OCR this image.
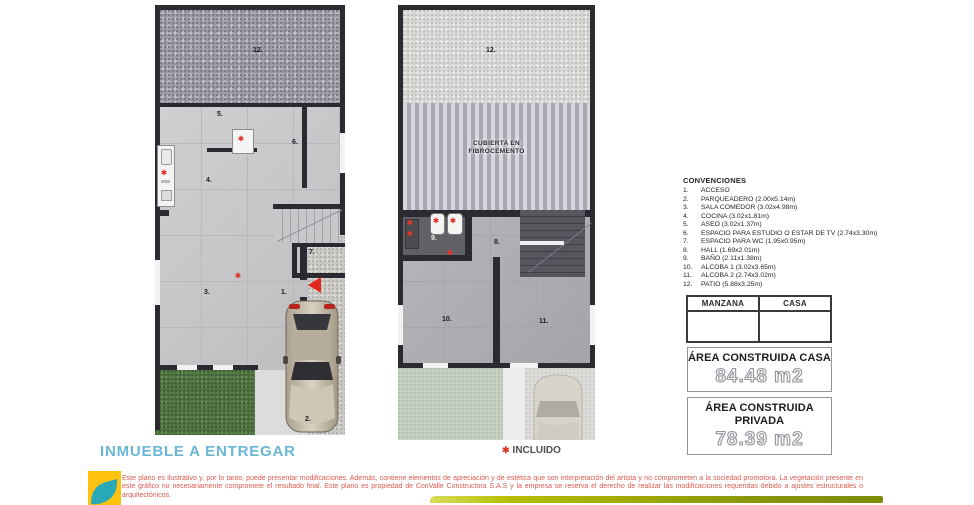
✱
✱
✱
12.
5.
6.
4.
3.
7.
1.
2.
CUBIERTA EN
FIBROCEMENTO
✱
✱
✱ ✱
✱
12.
9.
8.
10.	11.
CONVENCIONES
1.	ACCESO
2.	PARQUEADERO (2.00x5.14m)
3.	SALA COMEDOR (3.02x4.98m)
4.	COCINA (3.02x1.81m)
5.	ASEO (3.02x1.37m)
6.	ESPACIO PARA ESTUDIO O ESTAR DE TV (2.74x3.30m)
7.	ESPACIO PARA WC (1.95x0.95m)
8.	HALL (1.69x2.01m)
9.	BAÑO (2.11x1.38m)
10.	ALCOBA 1 (3.02x3.65m)
11.	ALCOBA 2 (2.74x3.02m)
12.	PATIO (5.88x3.25m)
MANZANA	CASA
ÁREA CONSTRUIDA CASA
84.48 m2
ÁREA CONSTRUIDA
PRIVADA
78.39 m2
INMUEBLE A ENTREGAR	✱ INCLUIDO
Este plano es ilustrativo y, por lo tanto, puede presentar modificaciones. Además, contiene elementos de apreciación y de estética que son interpretación del artista y no comprometen a la sociedad promotora. La vegetación presente en este gráfico no necesariamente compromete el resultado final. Este plano es propiedad de ConValle Constructora S.A.S y la empresa se reserva el derecho de realizar las modificaciones requeridas debido a ajustes estructurales o arquitectónicos.
